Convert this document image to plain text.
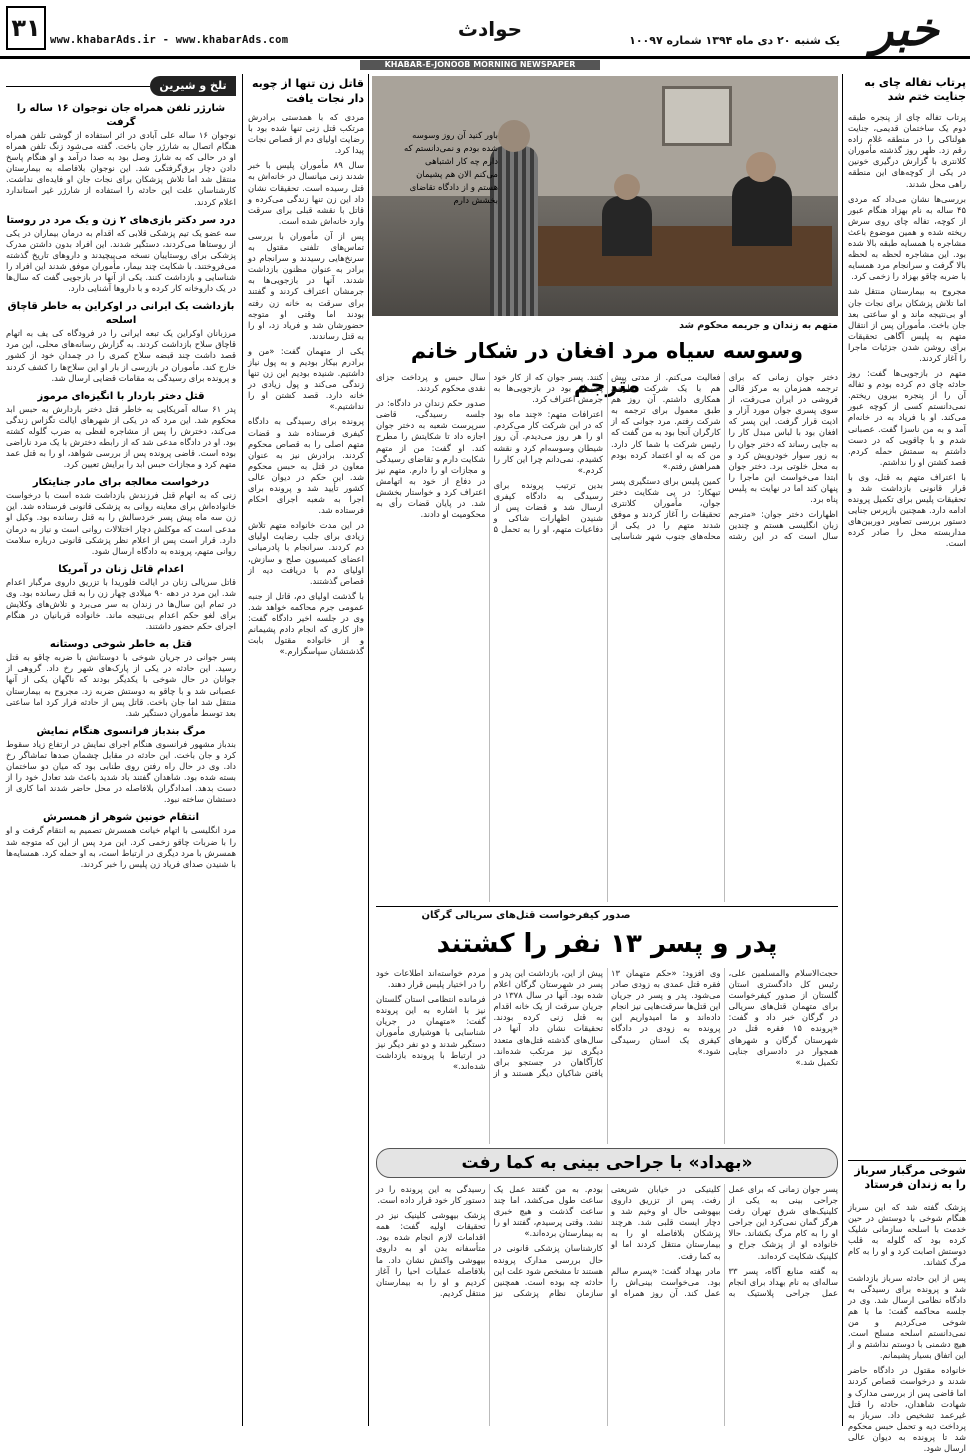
۳۱ www.khabarAds.ir - www.khabarAds.com	حوادث	خبر
یک شنبه ۲۰ دی ماه ۱۳۹۴ شماره ۱۰۰۹۷
KHABAR-E-JONOOB MORNING NEWSPAPER
پرتاب تفاله چای به جنایت ختم شد

پرتاب تفاله چای از پنجره طبقه دوم یک ساختمان قدیمی، جنایت هولناکی را در منطقه غلام زاده رقم زد. ظهر روز گذشته مأموران کلانتری با گزارش درگیری خونین در یکی از کوچه‌های این منطقه راهی محل شدند.

بررسی‌ها نشان می‌داد که مردی ۴۵ ساله به نام بهزاد هنگام عبور از کوچه، تفاله چای روی سرش ریخته شده و همین موضوع باعث مشاجره با همسایه طبقه بالا شده بود. این مشاجره لحظه به لحظه بالا گرفت و سرانجام مرد همسایه با ضربه چاقو بهزاد را زخمی کرد.

مجروح به بیمارستان منتقل شد اما تلاش پزشکان برای نجات جان او بی‌نتیجه ماند و او ساعتی بعد جان باخت. مأموران پس از انتقال متهم به پلیس آگاهی تحقیقات برای روشن شدن جزئیات ماجرا را آغاز کردند.

متهم در بازجویی‌ها گفت: روز حادثه چای دم کرده بودم و تفاله آن را از پنجره بیرون ریختم. نمی‌دانستم کسی از کوچه عبور می‌کند. او با فریاد به در خانه‌ام آمد و به من ناسزا گفت. عصبانی شدم و با چاقویی که در دست داشتم به سمتش حمله کردم. قصد کشتن او را نداشتم.

با اعتراف متهم به قتل، وی با قرار قانونی بازداشت شد و تحقیقات پلیس برای تکمیل پرونده ادامه دارد. همچنین بازپرس جنایی دستور بررسی تصاویر دوربین‌های مداربسته محل را صادر کرده است.

شوخی مرگبار سرباز را به زندان فرستاد

پزشک گفته شد که این سرباز هنگام شوخی با دوستش در حین خدمت با اسلحه سازمانی شلیک کرده بود که گلوله به قلب دوستش اصابت کرد و او را به کام مرگ کشاند.

پس از این حادثه سرباز بازداشت شد و پرونده برای رسیدگی به دادگاه نظامی ارسال شد. وی در جلسه محاکمه گفت: ما با هم شوخی می‌کردیم و من نمی‌دانستم اسلحه مسلح است. هیچ دشمنی با دوستم نداشتم و از این اتفاق بسیار پشیمانم.

خانواده مقتول در دادگاه حاضر شدند و درخواست قصاص کردند اما قاضی پس از بررسی مدارک و شهادت شاهدان، حادثه را قتل غیرعمد تشخیص داد. سرباز به پرداخت دیه و تحمل حبس محکوم شد تا پرونده به دیوان عالی ارسال شود.

باور کنید آن روز وسوسه شده بودم و نمی‌دانستم که دارم چه کار اشتباهی می‌کنم الان هم پشیمان هستم و از دادگاه تقاضای بخشش دارم
متهم به زندان و جریمه محکوم شد
وسوسه سیاه مرد افغان در شکار خانم مترجم	دختر جوان زمانی که برای ترجمه همزمان به مرکز قالی فروشی در ایران می‌رفت، از سوی پسری جوان مورد آزار و اذیت قرار گرفت. این پسر که افغان بود با لباس مبدل کار را به جایی رساند که دختر جوان را به زور سوار خودرویش کرد و به محل خلوتی برد. دختر جوان ابتدا می‌خواست این ماجرا را پنهان کند اما در نهایت به پلیس پناه برد.

اظهارات دختر جوان: «مترجم زبان انگلیسی هستم و چندین سال است که در این رشته فعالیت می‌کنم. از مدتی پیش هم با یک شرکت خارجی همکاری داشتم. آن روز هم طبق معمول برای ترجمه به شرکت رفتم. مرد جوانی که از کارگران آنجا بود به من گفت که رئیس شرکت با شما کار دارد. من که به او اعتماد کرده بودم همراهش رفتم.»

کمین پلیس برای دستگیری پسر تبهکار: در پی شکایت دختر جوان، مأموران کلانتری تحقیقات را آغاز کردند و موفق شدند متهم را در یکی از محله‌های جنوب شهر شناسایی کنند. پسر جوان که از کار خود پشیمان بود در بازجویی‌ها به جرمش اعتراف کرد.

اعترافات متهم: «چند ماه بود که در این شرکت کار می‌کردم. او را هر روز می‌دیدم. آن روز شیطان وسوسه‌ام کرد و نقشه کشیدم. نمی‌دانم چرا این کار را کردم.»

بدین ترتیب پرونده برای رسیدگی به دادگاه کیفری ارسال شد و قضات پس از شنیدن اظهارات شاکی و دفاعیات متهم، او را به تحمل ۵ سال حبس و پرداخت جزای نقدی محکوم کردند.

صدور حکم زندان در دادگاه: در جلسه رسیدگی، قاضی سرپرست شعبه به دختر جوان اجازه داد تا شکایتش را مطرح کند. او گفت: من از متهم شکایت دارم و تقاضای رسیدگی و مجازات او را دارم. متهم نیز در دفاع از خود به اتهامش اعتراف کرد و خواستار بخشش شد. در پایان قضات رأی به محکومیت او دادند.

صدور کیفرخواست قتل‌های سریالی گرگان
پدر و پسر ۱۳ نفر را کشتند

حجت‌الاسلام والمسلمین علی، رئیس کل دادگستری استان گلستان از صدور کیفرخواست برای متهمان قتل‌های سریالی در گرگان خبر داد و گفت: «پرونده ۱۵ فقره قتل در شهرستان گرگان و شهرهای همجوار در دادسرای جنایی تکمیل شد.»

وی افزود: «حکم متهمان ۱۳ فقره قتل عمدی به زودی صادر می‌شود. پدر و پسر در جریان این قتل‌ها سرقت‌هایی نیز انجام داده‌اند و ما امیدواریم این پرونده به زودی در دادگاه کیفری یک استان رسیدگی شود.»

پیش از این، بازداشت این پدر و پسر در شهرستان گرگان اعلام شده بود. آنها در سال ۱۳۷۸ در جریان سرقت از یک خانه اقدام به قتل زنی کرده بودند. تحقیقات نشان داد آنها در سال‌های گذشته قتل‌های متعدد دیگری نیز مرتکب شده‌اند. کارآگاهان در جستجو برای یافتن شاکیان دیگر هستند و از مردم خواسته‌اند اطلاعات خود را در اختیار پلیس قرار دهند.

فرمانده انتظامی استان گلستان نیز با اشاره به این پرونده گفت: «متهمان در جریان شناسایی با هوشیاری مأموران دستگیر شدند و دو نفر دیگر نیز در ارتباط با پرونده بازداشت شده‌اند.»

«بهداد» با جراحی بینی به کما رفت

پسر جوان زمانی که برای عمل جراحی بینی به یکی از کلینیک‌های شرق تهران رفت هرگز گمان نمی‌کرد این جراحی او را به کام مرگ بکشاند. حالا خانواده او از پزشک جراح و کلینیک شکایت کرده‌اند.

به گفته منابع آگاه، پسر ۳۳ ساله‌ای به نام بهداد برای انجام عمل جراحی پلاستیک به کلینیکی در خیابان شریعتی رفت. پس از تزریق داروی بیهوشی حال او وخیم شد و دچار ایست قلبی شد. هرچند پزشکان بلافاصله او را به بیمارستان منتقل کردند اما او به کما رفت.

مادر بهداد گفت: «پسرم سالم بود. می‌خواست بینی‌اش را عمل کند. آن روز همراه او بودم. به من گفتند عمل یک ساعت طول می‌کشد، اما چند ساعت گذشت و هیچ خبری نشد. وقتی پرسیدم، گفتند او را به بیمارستان برده‌اند.»

کارشناسان پزشکی قانونی در حال بررسی مدارک پرونده هستند تا مشخص شود علت این حادثه چه بوده است. همچنین سازمان نظام پزشکی نیز رسیدگی به این پرونده را در دستور کار خود قرار داده است.

پزشک بیهوشی کلینیک نیز در تحقیقات اولیه گفت: همه اقدامات لازم انجام شده بود. متأسفانه بدن او به داروی بیهوشی واکنش نشان داد. ما بلافاصله عملیات احیا را آغاز کردیم و او را به بیمارستان منتقل کردیم.

قاتل زن تنها از چوبه دار نجات یافت

مردی که با همدستی برادرش مرتکب قتل زنی تنها شده بود با رضایت اولیای دم از قصاص نجات پیدا کرد.

سال ۸۹ مأموران پلیس با خبر شدند زنی میانسال در خانه‌اش به قتل رسیده است. تحقیقات نشان داد این زن تنها زندگی می‌کرده و قاتل با نقشه قبلی برای سرقت وارد خانه‌اش شده است.

پس از آن مأموران با بررسی تماس‌های تلفنی مقتول به سرنخ‌هایی رسیدند و سرانجام دو برادر به عنوان مظنون بازداشت شدند. آنها در بازجویی‌ها به جرمشان اعتراف کردند و گفتند برای سرقت به خانه زن رفته بودند اما وقتی او متوجه حضورشان شد و فریاد زد، او را به قتل رساندند.

یکی از متهمان گفت: «من و برادرم بیکار بودیم و به پول نیاز داشتیم. شنیده بودیم این زن تنها زندگی می‌کند و پول زیادی در خانه دارد. قصد کشتن او را نداشتیم.»

پرونده برای رسیدگی به دادگاه کیفری فرستاده شد و قضات متهم اصلی را به قصاص محکوم کردند. برادرش نیز به عنوان معاون در قتل به حبس محکوم شد. این حکم در دیوان عالی کشور تأیید شد و پرونده برای اجرا به شعبه اجرای احکام فرستاده شد.

در این مدت خانواده متهم تلاش زیادی برای جلب رضایت اولیای دم کردند. سرانجام با پادرمیانی اعضای کمیسیون صلح و سازش، اولیای دم با دریافت دیه از قصاص گذشتند.

با گذشت اولیای دم، قاتل از جنبه عمومی جرم محاکمه خواهد شد. وی در جلسه اخیر دادگاه گفت: «از کاری که انجام دادم پشیمانم و از خانواده مقتول بابت گذشتشان سپاسگزارم.»

تلخ و شیرین
شارژر تلفن همراه جان نوجوان ۱۶ ساله را گرفت
نوجوان ۱۶ ساله علی آبادی در اثر استفاده از گوشی تلفن همراه هنگام اتصال به شارژر جان باخت. گفته می‌شود زنگ تلفن همراه او در حالی که به شارژ وصل بود به صدا درآمد و او هنگام پاسخ دادن دچار برق‌گرفتگی شد. این نوجوان بلافاصله به بیمارستان منتقل شد اما تلاش پزشکان برای نجات جان او فایده‌ای نداشت. کارشناسان علت این حادثه را استفاده از شارژر غیر استاندارد اعلام کردند.
درد سر دکتر بازی‌های ۲ زن و یک مرد در روستا
سه عضو یک تیم پزشکی قلابی که اقدام به درمان بیماران در یکی از روستاها می‌کردند، دستگیر شدند. این افراد بدون داشتن مدرک پزشکی برای روستاییان نسخه می‌پیچیدند و داروهای تاریخ گذشته می‌فروختند. با شکایت چند بیمار، مأموران موفق شدند این افراد را شناسایی و بازداشت کنند. یکی از آنها در بازجویی گفت که سال‌ها در یک داروخانه کار کرده و با داروها آشنایی دارد.
بازداشت یک ایرانی در اوکراین به خاطر قاچاق اسلحه
مرزبانان اوکراین یک تبعه ایرانی را در فرودگاه کی یف به اتهام قاچاق سلاح بازداشت کردند. به گزارش رسانه‌های محلی، این مرد قصد داشت چند قبضه سلاح کمری را در چمدان خود از کشور خارج کند. مأموران در بازرسی از بار او این سلاح‌ها را کشف کردند و پرونده برای رسیدگی به مقامات قضایی ارسال شد.
قتل دختر باردار با انگیزه‌ای مرموز
پدر ۶۱ ساله آمریکایی به خاطر قتل دختر باردارش به حبس ابد محکوم شد. این مرد که در یکی از شهرهای ایالت تگزاس زندگی می‌کند، دخترش را پس از مشاجره لفظی به ضرب گلوله کشته بود. او در دادگاه مدعی شد که از رابطه دخترش با یک مرد ناراضی بوده است. قاضی پرونده پس از بررسی شواهد، او را به قتل عمد متهم کرد و مجازات حبس ابد را برایش تعیین کرد.
درخواست معالجه برای مادر جنایتکار
زنی که به اتهام قتل فرزندش بازداشت شده است با درخواست خانواده‌اش برای معاینه روانی به پزشکی قانونی فرستاده شد. این زن سه ماه پیش پسر خردسالش را به قتل رسانده بود. وکیل او مدعی است که موکلش دچار اختلالات روانی است و نیاز به درمان دارد. قرار است پس از اعلام نظر پزشکی قانونی درباره سلامت روانی متهم، پرونده به دادگاه ارسال شود.
اعدام قاتل زنان در آمریکا
قاتل سریالی زنان در ایالت فلوریدا با تزریق داروی مرگبار اعدام شد. این مرد در دهه ۹۰ میلادی چهار زن را به قتل رسانده بود. وی در تمام این سال‌ها در زندان به سر می‌برد و تلاش‌های وکلایش برای لغو حکم اعدام بی‌نتیجه ماند. خانواده قربانیان در هنگام اجرای حکم حضور داشتند.
قتل به خاطر شوخی دوستانه
پسر جوانی در جریان شوخی با دوستانش با ضربه چاقو به قتل رسید. این حادثه در یکی از پارک‌های شهر رخ داد. گروهی از جوانان در حال شوخی با یکدیگر بودند که ناگهان یکی از آنها عصبانی شد و با چاقو به دوستش ضربه زد. مجروح به بیمارستان منتقل شد اما جان باخت. قاتل پس از حادثه فرار کرد اما ساعتی بعد توسط مأموران دستگیر شد.
مرگ بندباز فرانسوی هنگام نمایش
بندباز مشهور فرانسوی هنگام اجرای نمایش در ارتفاع زیاد سقوط کرد و جان باخت. این حادثه در مقابل چشمان صدها تماشاگر رخ داد. وی در حال راه رفتن روی طنابی بود که میان دو ساختمان بسته شده بود. شاهدان گفتند باد شدید باعث شد تعادل خود را از دست بدهد. امدادگران بلافاصله در محل حاضر شدند اما کاری از دستشان ساخته نبود.
انتقام خونین شوهر از همسرش
مرد انگلیسی با اتهام خیانت همسرش تصمیم به انتقام گرفت و او را با ضربات چاقو زخمی کرد. این مرد پس از این که متوجه شد همسرش با مرد دیگری در ارتباط است، به او حمله کرد. همسایه‌ها با شنیدن صدای فریاد زن پلیس را خبر کردند.
